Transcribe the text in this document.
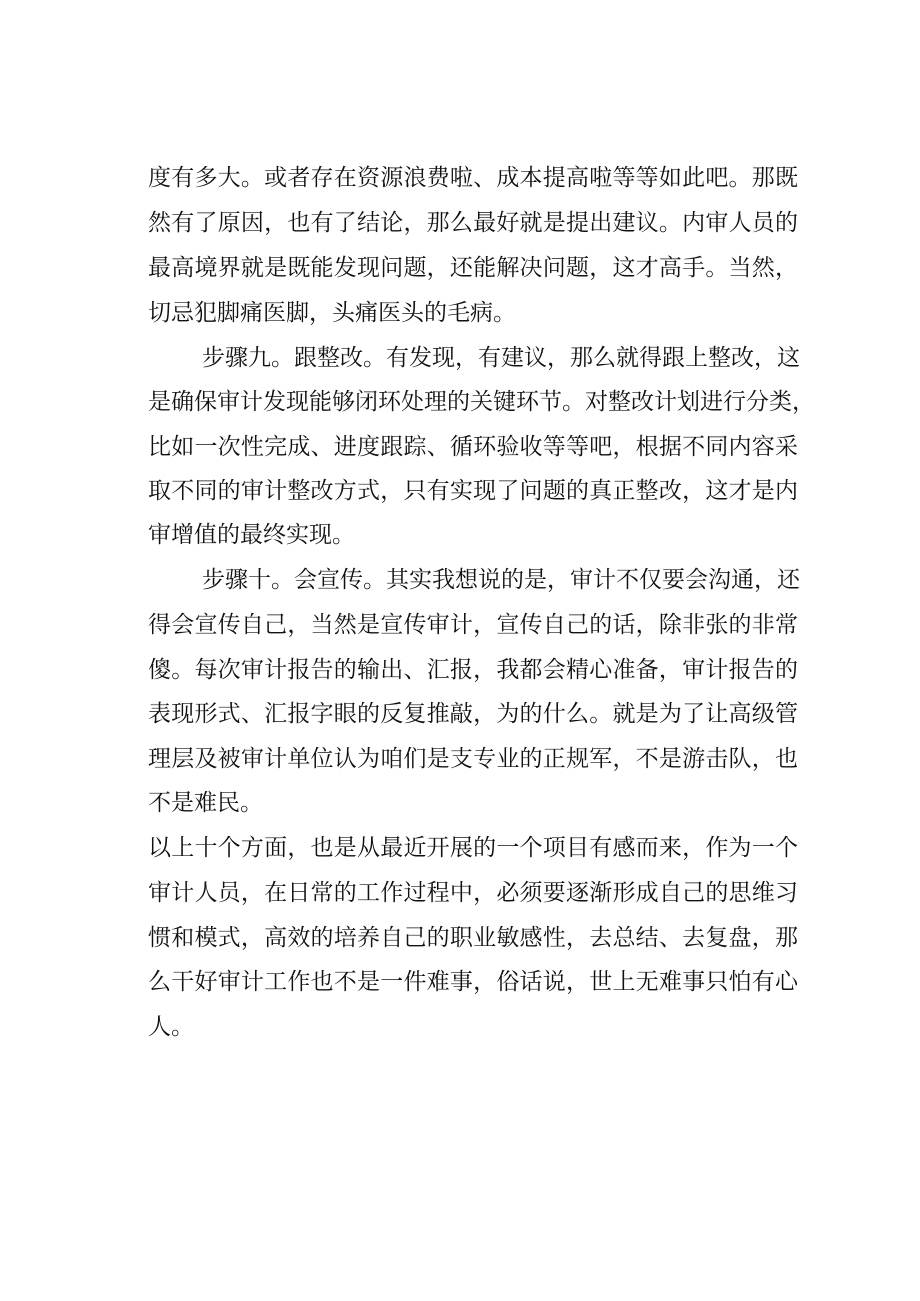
度有多大。或者存在资源浪费啦、成本提高啦等等如此吧。那既
然有了原因，也有了结论，那么最好就是提出建议。内审人员的
最高境界就是既能发现问题，还能解决问题，这才高手。当然，
切忌犯脚痛医脚，头痛医头的毛病。
步骤九。跟整改。有发现，有建议，那么就得跟上整改，这
是确保审计发现能够闭环处理的关键环节。对整改计划进行分类，
比如一次性完成、进度跟踪、循环验收等等吧，根据不同内容采
取不同的审计整改方式，只有实现了问题的真正整改，这才是内
审增值的最终实现。
步骤十。会宣传。其实我想说的是，审计不仅要会沟通，还
得会宣传自己，当然是宣传审计，宣传自己的话，除非张的非常
傻。每次审计报告的输出、汇报，我都会精心准备，审计报告的
表现形式、汇报字眼的反复推敲，为的什么。就是为了让高级管
理层及被审计单位认为咱们是支专业的正规军，不是游击队，也
不是难民。
以上十个方面，也是从最近开展的一个项目有感而来，作为一个
审计人员，在日常的工作过程中，必须要逐渐形成自己的思维习
惯和模式，高效的培养自己的职业敏感性，去总结、去复盘，那
么干好审计工作也不是一件难事，俗话说，世上无难事只怕有心
人。
